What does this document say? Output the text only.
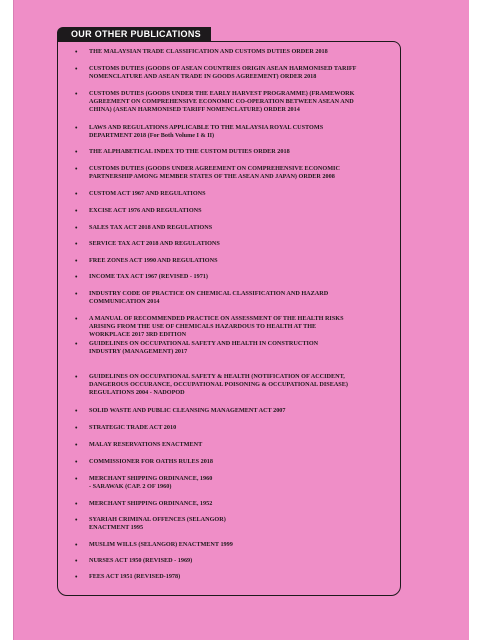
OUR OTHER PUBLICATIONS
• THE MALAYSIAN TRADE CLASSIFICATION AND CUSTOMS DUTIES ORDER 2018
• CUSTOMS DUTIES (GOODS OF ASEAN COUNTRIES ORIGIN ASEAN HARMONISED TARIFF
NOMENCLATURE AND ASEAN TRADE IN GOODS AGREEMENT) ORDER 2018
• CUSTOMS DUTIES (GOODS UNDER THE EARLY HARVEST PROGRAMME) (FRAMEWORK
AGREEMENT ON COMPREHENSIVE ECONOMIC CO-OPERATION BETWEEN ASEAN AND
CHINA) (ASEAN HARMONISED TARIFF NOMENCLATURE) ORDER 2014
• LAWS AND REGULATIONS APPLICABLE TO THE MALAYSIA ROYAL CUSTOMS
DEPARTMENT 2018 (For Both Volume I & II)
• THE ALPHABETICAL INDEX TO THE CUSTOM DUTIES ORDER 2018
• CUSTOMS DUTIES (GOODS UNDER AGREEMENT ON COMPREHENSIVE ECONOMIC
PARTNERSHIP AMONG MEMBER STATES OF THE ASEAN AND JAPAN) ORDER 2008
• CUSTOM ACT 1967 AND REGULATIONS
• EXCISE ACT 1976 AND REGULATIONS
• SALES TAX ACT 2018 AND REGULATIONS
• SERVICE TAX ACT 2018 AND REGULATIONS
• FREE ZONES ACT 1990 AND REGULATIONS
• INCOME TAX ACT 1967 (REVISED - 1971)
• INDUSTRY CODE OF PRACTICE ON CHEMICAL CLASSIFICATION AND HAZARD
COMMUNICATION 2014
• A MANUAL OF RECOMMENDED PRACTICE ON ASSESSMENT OF THE HEALTH RISKS
ARISING FROM THE USE OF CHEMICALS HAZARDOUS TO HEALTH AT THE
WORKPLACE 2017 3RD EDITION
• GUIDELINES ON OCCUPATIONAL SAFETY AND HEALTH IN CONSTRUCTION
INDUSTRY (MANAGEMENT) 2017
• GUIDELINES ON OCCUPATIONAL SAFETY & HEALTH (NOTIFICATION OF ACCIDENT,
DANGEROUS OCCURANCE, OCCUPATIONAL POISONING & OCCUPATIONAL DISEASE)
REGULATIONS 2004 - NADOPOD
• SOLID WASTE AND PUBLIC CLEANSING MANAGEMENT ACT 2007
• STRATEGIC TRADE ACT 2010
• MALAY RESERVATIONS ENACTMENT
• COMMISSIONER FOR OATHS RULES 2018
• MERCHANT SHIPPING ORDINANCE, 1960
- SARAWAK (CAP. 2 OF 1960)
• MERCHANT SHIPPING ORDINANCE, 1952
• SYARIAH CRIMINAL OFFENCES (SELANGOR)
ENACTMENT 1995
• MUSLIM WILLS (SELANGOR) ENACTMENT 1999
• NURSES ACT 1950 (REVISED - 1969)
• FEES ACT 1951 (REVISED-1978)
